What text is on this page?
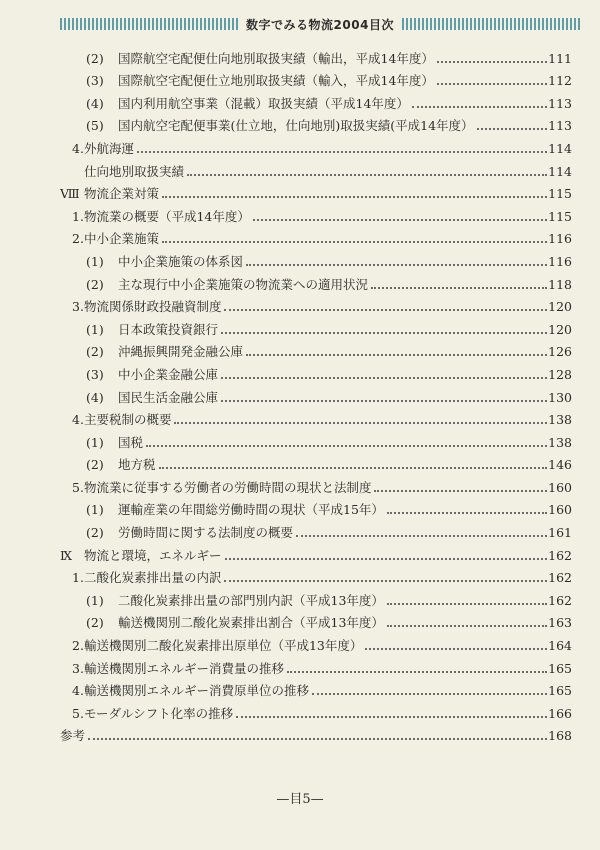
数字でみる物流2004目次
(2) 国際航空宅配便仕向地別取扱実績（輸出，平成14年度）	111
(3) 国際航空宅配便仕立地別取扱実績（輸入，平成14年度）	112
(4) 国内利用航空事業（混載）取扱実績（平成14年度）	113
(5) 国内航空宅配便事業(仕立地，仕向地別)取扱実績(平成14年度）	113
4.外航海運	114
仕向地別取扱実績	114
Ⅷ 物流企業対策	115
1.物流業の概要（平成14年度）	115
2.中小企業施策	116
(1) 中小企業施策の体系図	116
(2) 主な現行中小企業施策の物流業への適用状況	118
3.物流関係財政投融資制度	120
(1) 日本政策投資銀行	120
(2) 沖縄振興開発金融公庫	126
(3) 中小企業金融公庫	128
(4) 国民生活金融公庫	130
4.主要税制の概要	138
(1) 国税	138
(2) 地方税	146
5.物流業に従事する労働者の労働時間の現状と法制度	160
(1) 運輸産業の年間総労働時間の現状（平成15年）	160
(2) 労働時間に関する法制度の概要	161
Ⅸ 物流と環境，エネルギー	162
1.二酸化炭素排出量の内訳	162
(1) 二酸化炭素排出量の部門別内訳（平成13年度）	162
(2) 輸送機関別二酸化炭素排出割合（平成13年度）	163
2.輸送機関別二酸化炭素排出原単位（平成13年度）	164
3.輸送機関別エネルギー消費量の推移	165
4.輸送機関別エネルギー消費原単位の推移	165
5.モーダルシフト化率の推移	166
参考	168
—目5—
